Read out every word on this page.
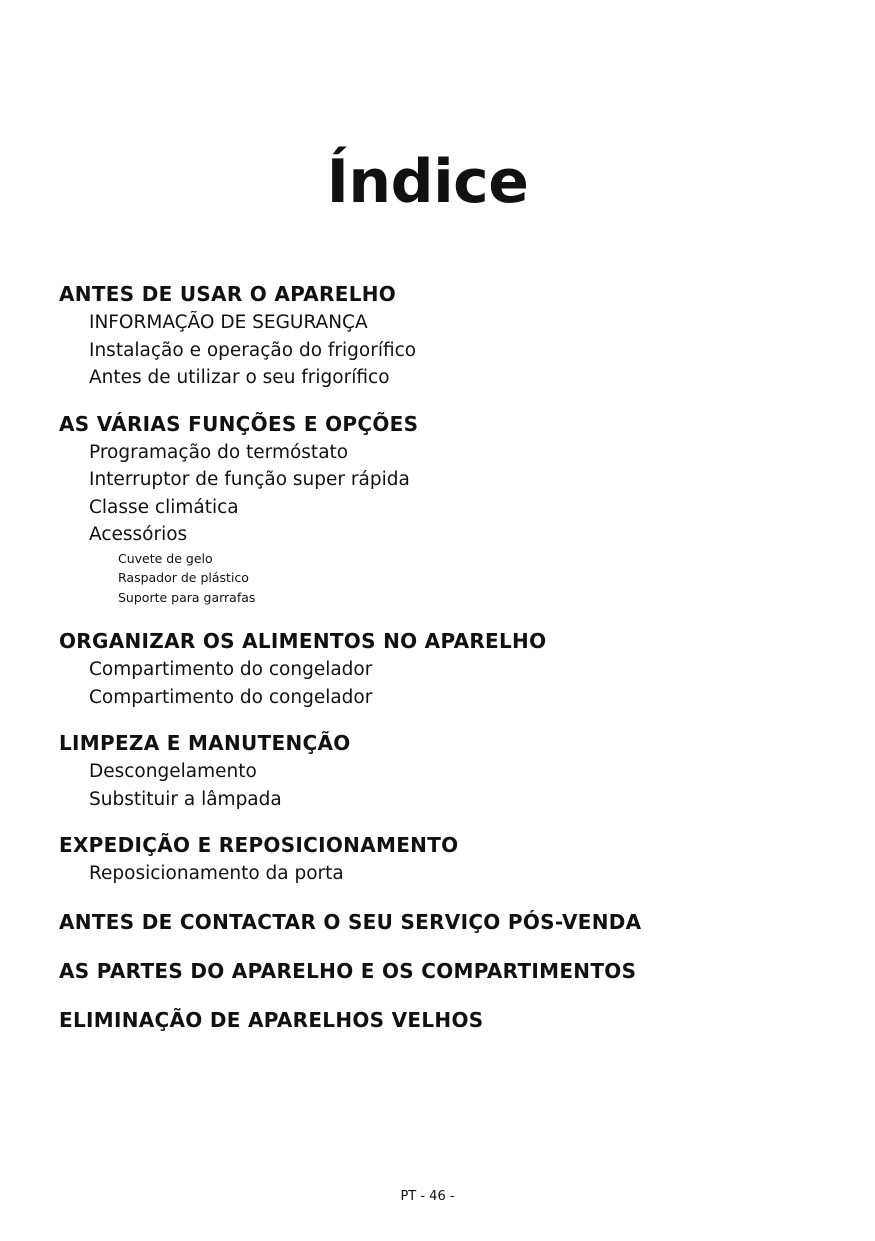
Índice
ANTES DE USAR O APARELHO
INFORMAÇÃO DE SEGURANÇA
Instalação e operação do frigorífico
Antes de utilizar o seu frigorífico
AS VÁRIAS FUNÇÕES E OPÇÕES
Programação do termóstato
Interruptor de função super rápida
Classe climática
Acessórios
Cuvete de gelo
Raspador de plástico
Suporte para garrafas
ORGANIZAR OS ALIMENTOS NO APARELHO
Compartimento do congelador
Compartimento do congelador
LIMPEZA E MANUTENÇÃO
Descongelamento
Substituir a lâmpada
EXPEDIÇÃO E REPOSICIONAMENTO
Reposicionamento da porta
ANTES DE CONTACTAR O SEU SERVIÇO PÓS-VENDA
AS PARTES DO APARELHO E OS COMPARTIMENTOS
ELIMINAÇÃO DE APARELHOS VELHOS
PT - 46 -
